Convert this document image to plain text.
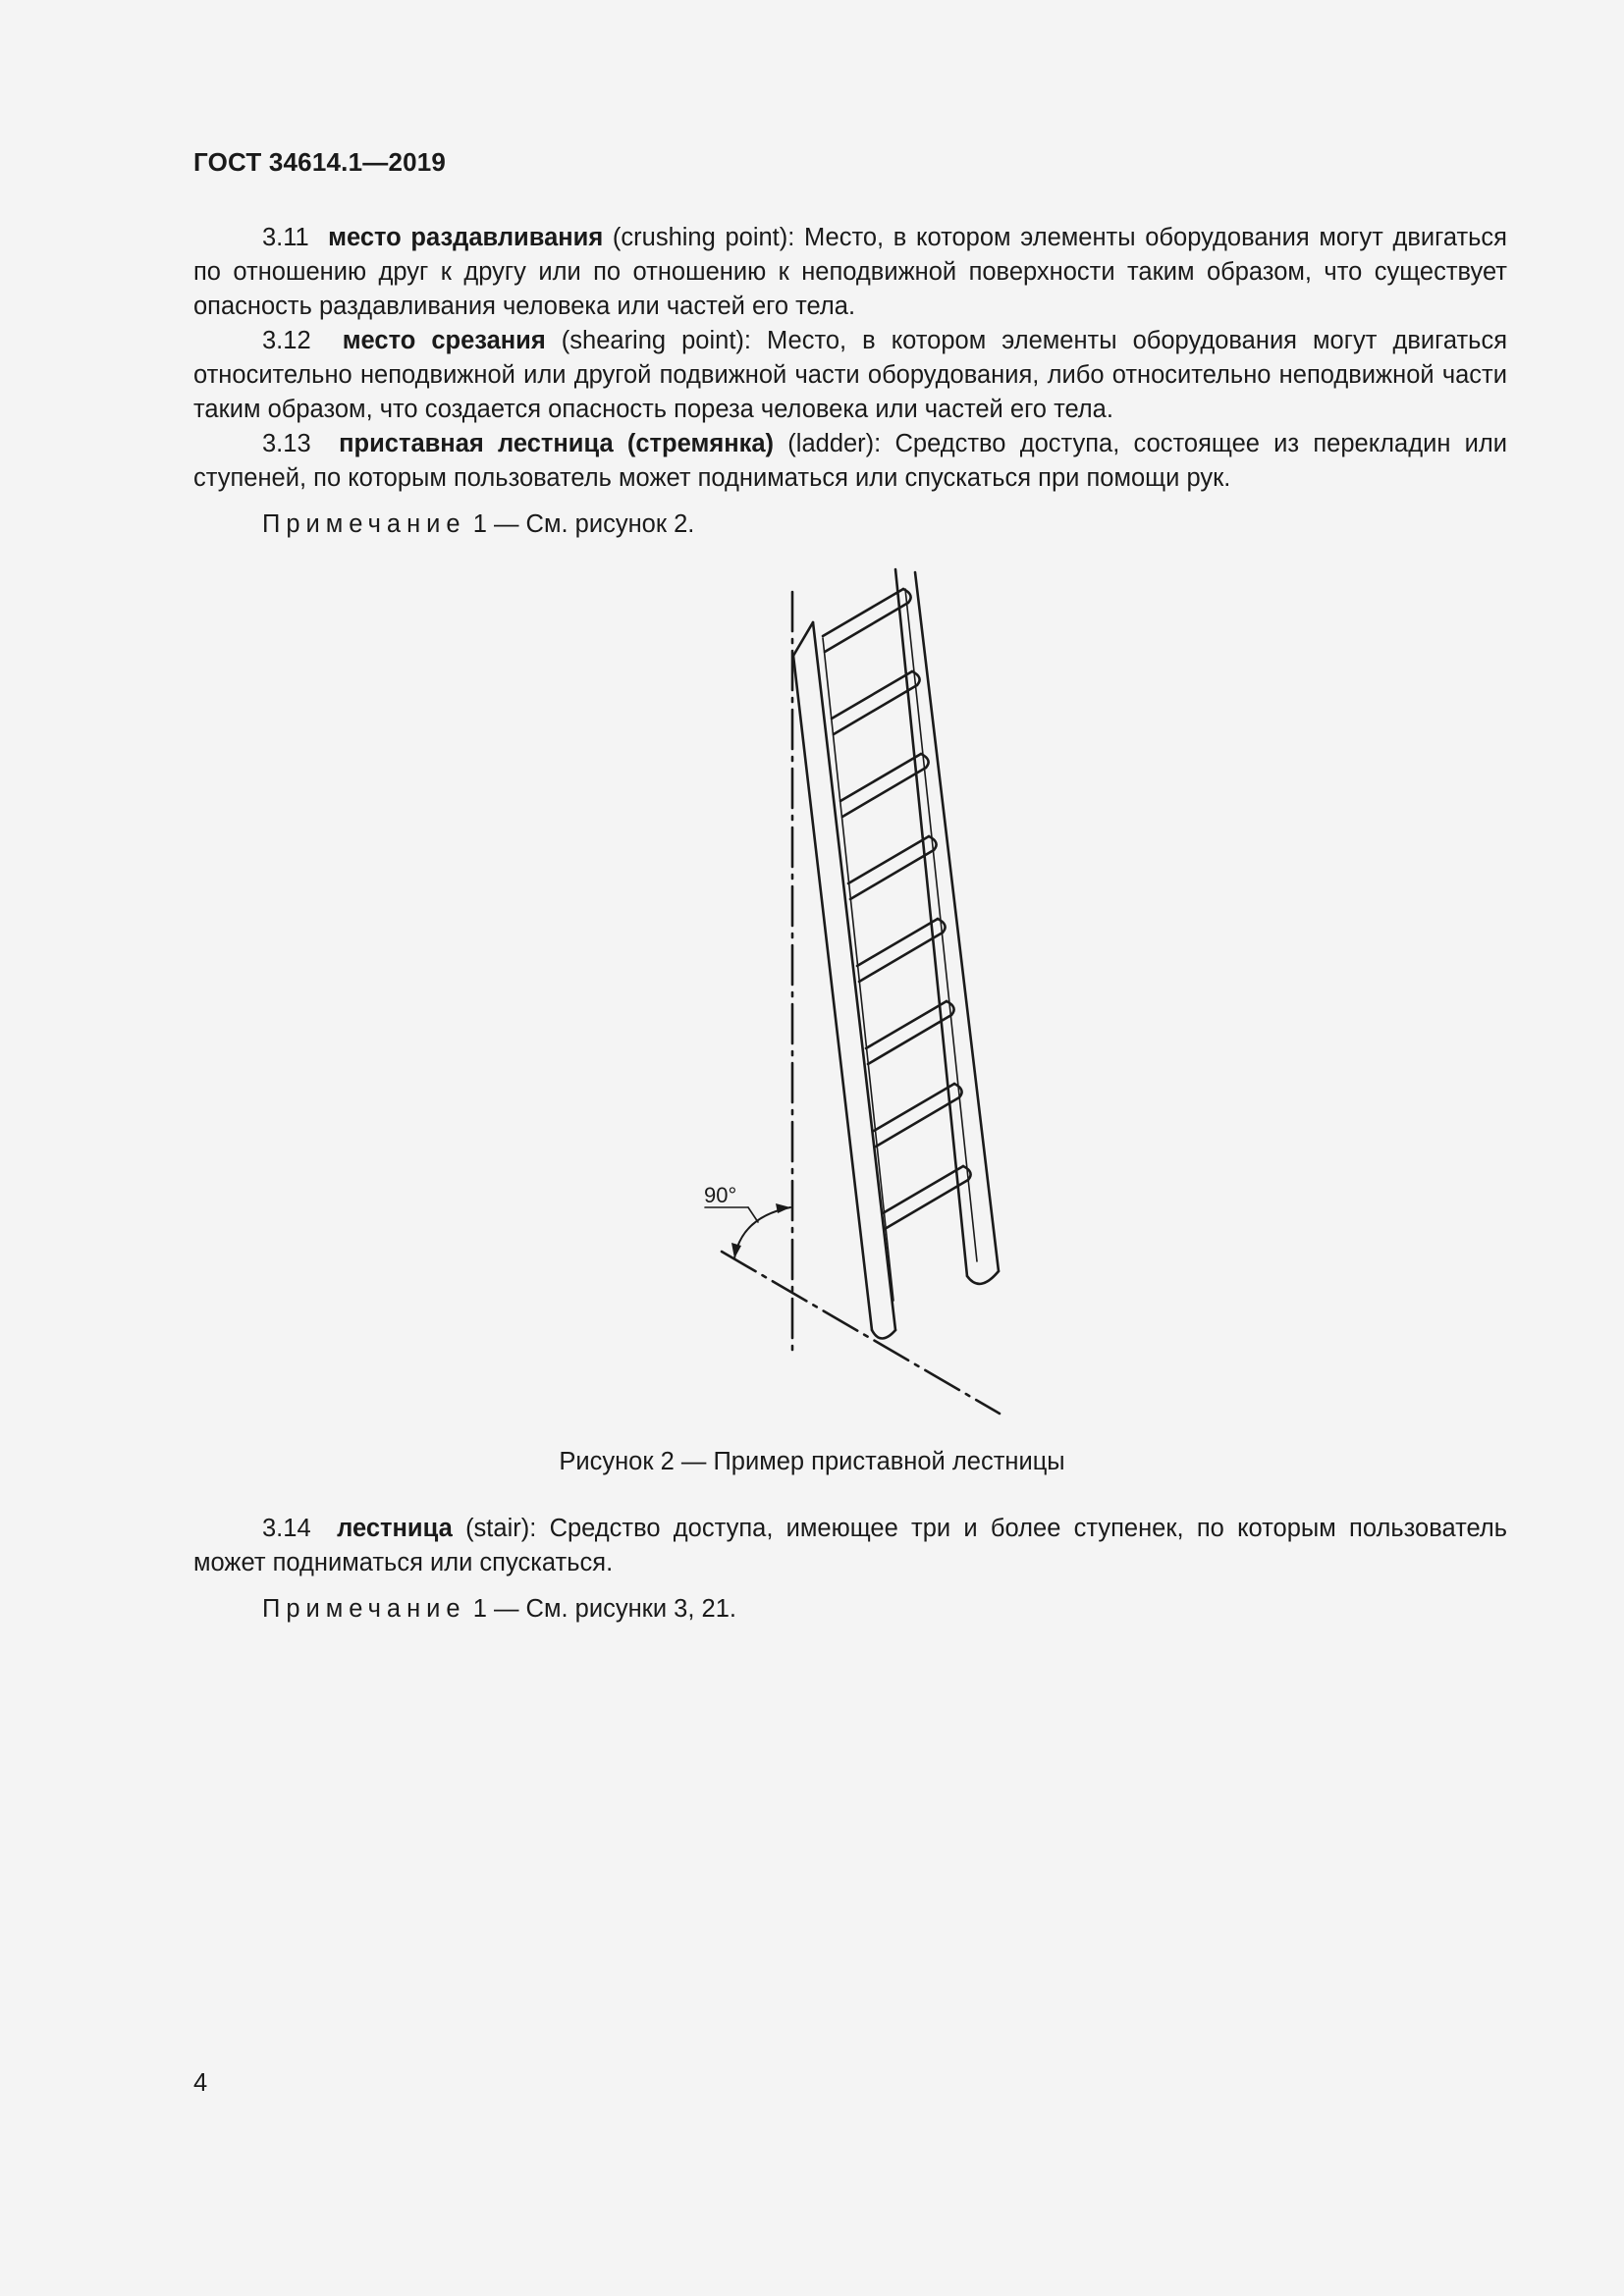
ГОСТ 34614.1—2019

3.11 место раздавливания (crushing point): Место, в котором элементы оборудования могут двигаться по отношению друг к другу или по отношению к неподвижной поверхности таким образом, что существует опасность раздавливания человека или частей его тела.

3.12 место срезания (shearing point): Место, в котором элементы оборудования могут двигаться относительно неподвижной или другой подвижной части оборудования, либо относительно неподвижной части таким образом, что создается опасность пореза человека или частей его тела.

3.13 приставная лестница (стремянка) (ladder): Средство доступа, состоящее из перекладин или ступеней, по которым пользователь может подниматься или спускаться при помощи рук.

Примечание 1 — См. рисунок 2.

90°
Рисунок 2 — Пример приставной лестницы

3.14 лестница (stair): Средство доступа, имеющее три и более ступенек, по которым пользователь может подниматься или спускаться.

Примечание 1 — См. рисунки 3, 21.

4
